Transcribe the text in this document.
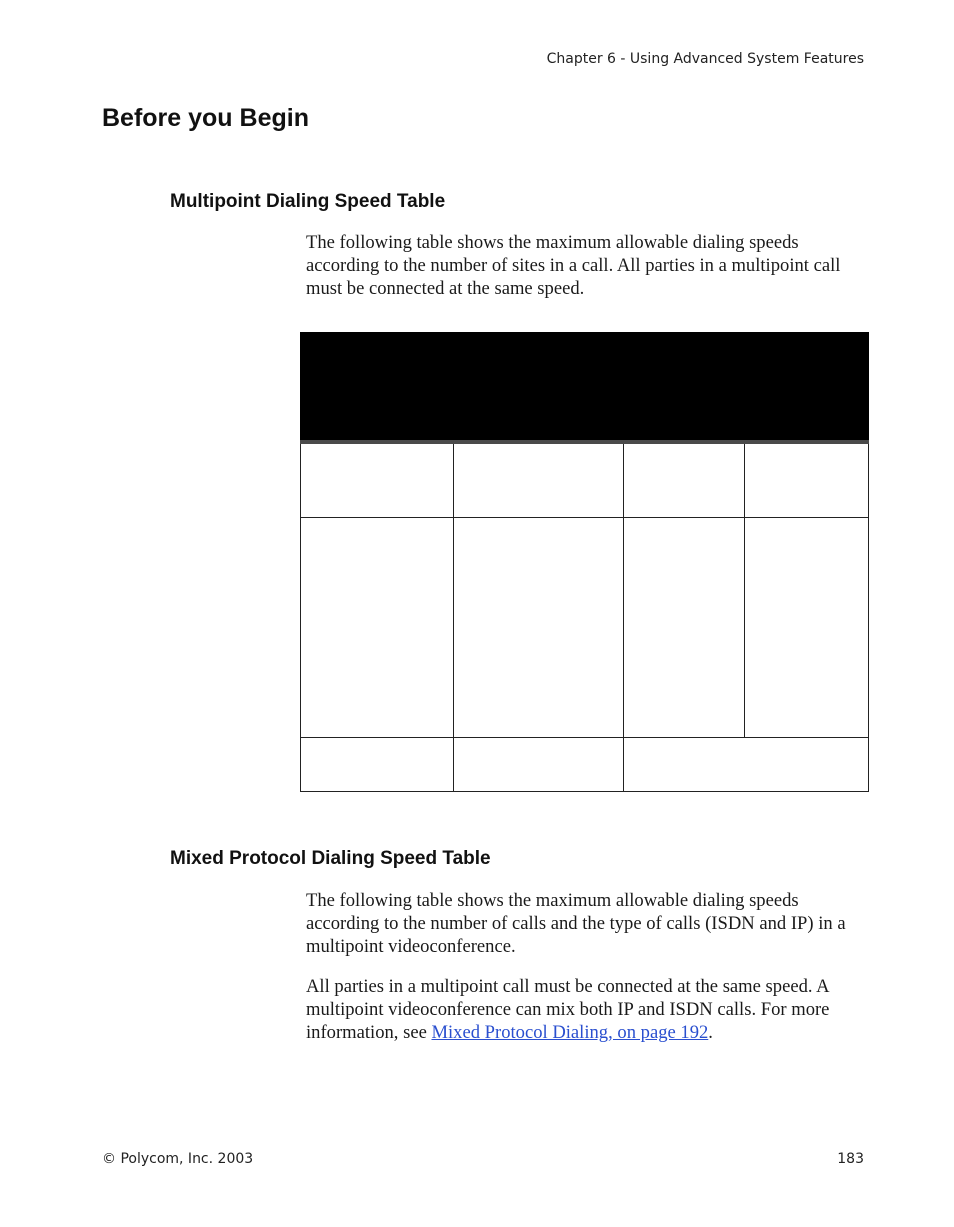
Chapter 6 - Using Advanced System Features
Before you Begin
Multipoint Dialing Speed Table

The following table shows the maximum allowable dialing speeds according to the number of sites in a call. All parties in a multipoint call must be connected at the same speed.

Mixed Protocol Dialing Speed Table

The following table shows the maximum allowable dialing speeds according to the number of calls and the type of calls (ISDN and IP) in a multipoint videoconference.

All parties in a multipoint call must be connected at the same speed. A multipoint videoconference can mix both IP and ISDN calls. For more information, see Mixed Protocol Dialing, on page 192.

© Polycom, Inc. 2003	183
